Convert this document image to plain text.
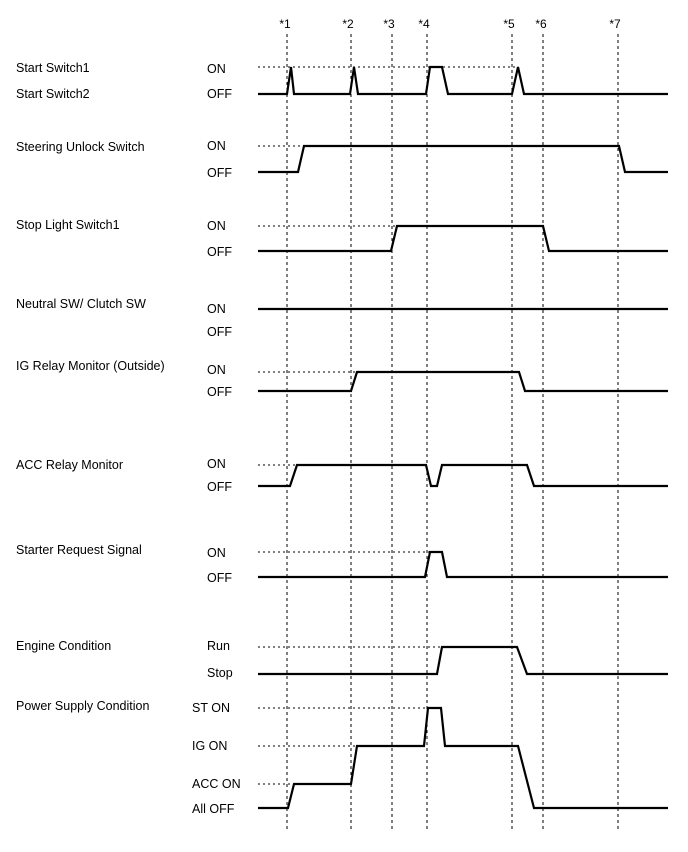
*1	*2 *3 *4	*5 *6	*7
Start Switch1
Start Switch2
ON
OFF
Steering Unlock Switch	ON
OFF
Stop Light Switch1	ON
OFF
Neutral SW/ Clutch SW	ON
OFF
IG Relay Monitor (Outside)	ON
OFF
ACC Relay Monitor	ON
OFF
Starter Request Signal	ON
OFF
Engine Condition	Run
Stop
Power Supply Condition	ST ON
IG ON
ACC ON
All OFF
